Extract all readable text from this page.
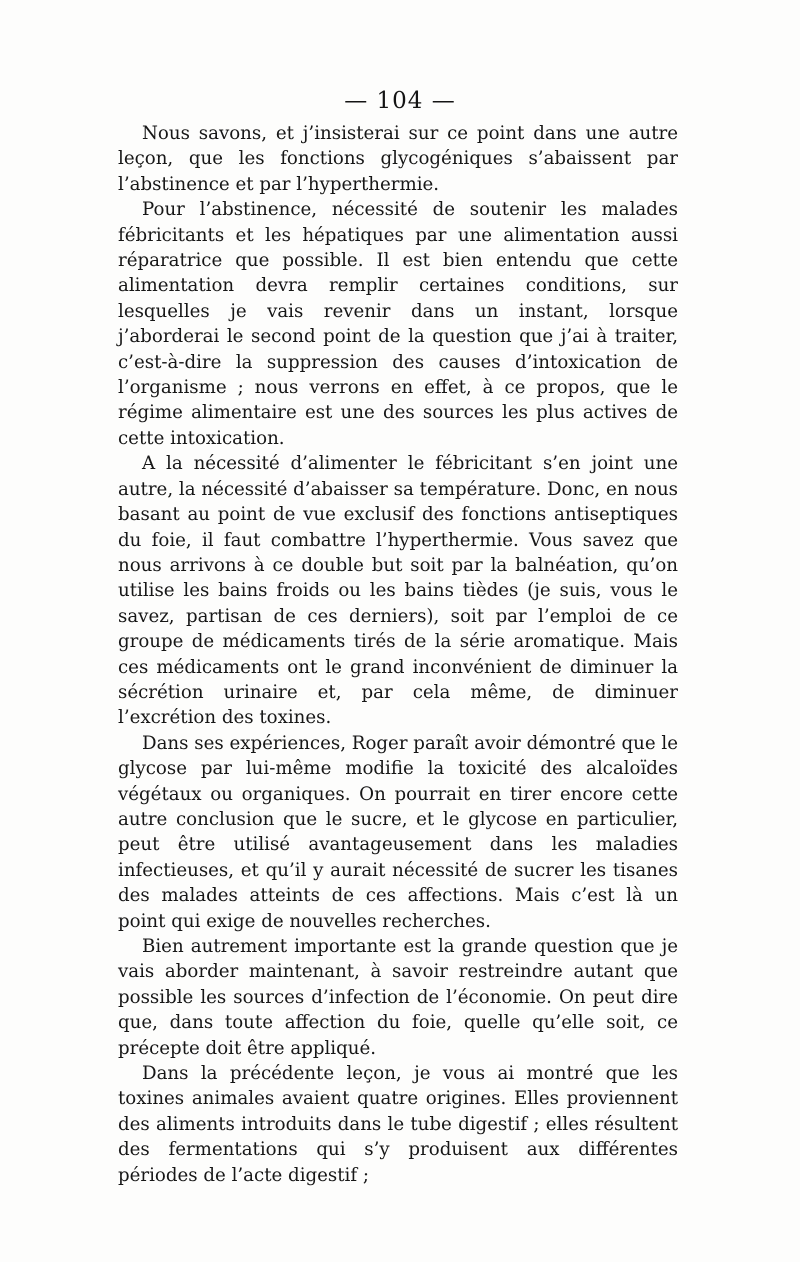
— 104 —

Nous savons, et j’insisterai sur ce point dans une autre leçon, que les fonctions glycogéniques s’abaissent par l’abstinence et par l’hyperthermie.

Pour l’abstinence, nécessité de soutenir les malades fébricitants et les hépatiques par une alimentation aussi réparatrice que possible. Il est bien entendu que cette alimentation devra remplir certaines conditions, sur lesquelles je vais revenir dans un instant, lorsque j’aborderai le second point de la question que j’ai à traiter, c’est-à-dire la suppression des causes d’intoxication de l’organisme ; nous verrons en effet, à ce propos, que le régime alimentaire est une des sources les plus actives de cette intoxication.

A la nécessité d’alimenter le fébricitant s’en joint une autre, la nécessité d’abaisser sa température. Donc, en nous basant au point de vue exclusif des fonctions antiseptiques du foie, il faut combattre l’hyperthermie. Vous savez que nous arrivons à ce double but soit par la balnéation, qu’on utilise les bains froids ou les bains tièdes (je suis, vous le savez, partisan de ces derniers), soit par l’emploi de ce groupe de médicaments tirés de la série aromatique. Mais ces médicaments ont le grand inconvénient de diminuer la sécrétion urinaire et, par cela même, de diminuer l’excrétion des toxines.

Dans ses expériences, Roger paraît avoir démontré que le glycose par lui-même modifie la toxicité des alcaloïdes végétaux ou organiques. On pourrait en tirer encore cette autre conclusion que le sucre, et le glycose en particulier, peut être utilisé avantageusement dans les maladies infectieuses, et qu’il y aurait nécessité de sucrer les tisanes des malades atteints de ces affections. Mais c’est là un point qui exige de nouvelles recherches.

Bien autrement importante est la grande question que je vais aborder maintenant, à savoir restreindre autant que possible les sources d’infection de l’économie. On peut dire que, dans toute affection du foie, quelle qu’elle soit, ce précepte doit être appliqué.

Dans la précédente leçon, je vous ai montré que les toxines animales avaient quatre origines. Elles proviennent des aliments introduits dans le tube digestif ; elles résultent des fermentations qui s’y produisent aux différentes périodes de l’acte digestif ;
